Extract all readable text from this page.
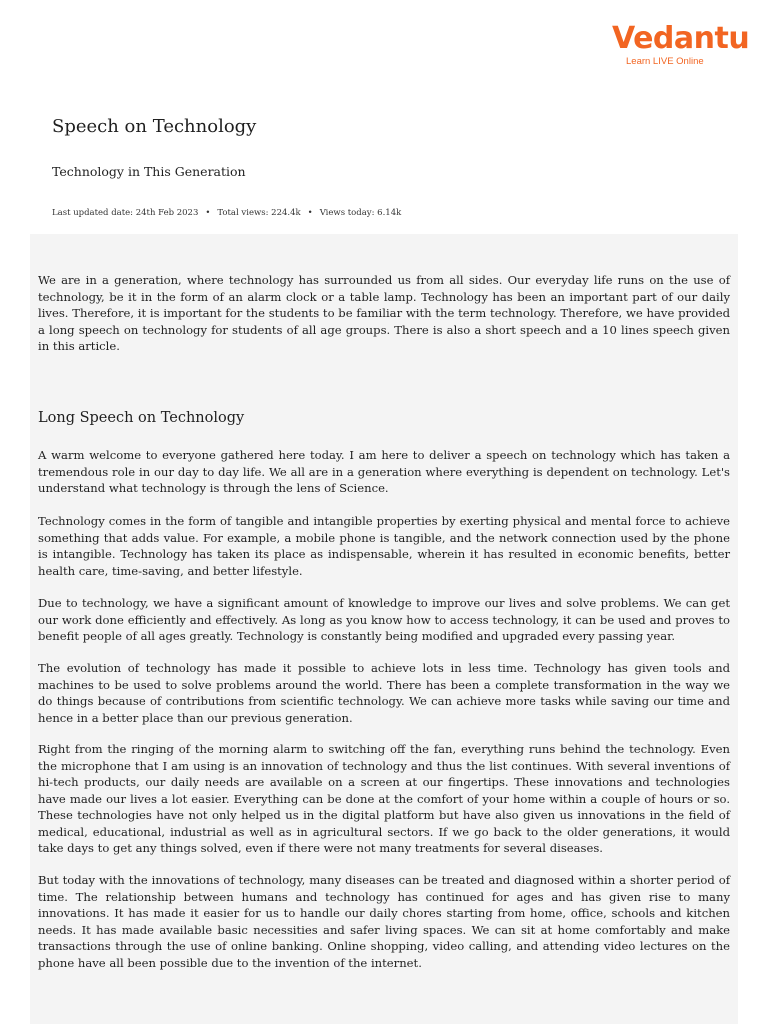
Vedantu
Learn LIVE Online
Speech on Technology
Technology in This Generation
Last updated date: 24th Feb 2023 • Total views: 224.4k • Views today: 6.14k

We are in a generation, where technology has surrounded us from all sides. Our everyday life runs on the use of technology, be it in the form of an alarm clock or a table lamp. Technology has been an important part of our daily lives. Therefore, it is important for the students to be familiar with the term technology. Therefore, we have provided a long speech on technology for students of all age groups. There is also a short speech and a 10 lines speech given in this article.

Long Speech on Technology

A warm welcome to everyone gathered here today. I am here to deliver a speech on technology which has taken a tremendous role in our day to day life. We all are in a generation where everything is dependent on technology. Let's understand what technology is through the lens of Science.

Technology comes in the form of tangible and intangible properties by exerting physical and mental force to achieve something that adds value. For example, a mobile phone is tangible, and the network connection used by the phone is intangible. Technology has taken its place as indispensable, wherein it has resulted in economic benefits, better health care, time-saving, and better lifestyle.

Due to technology, we have a significant amount of knowledge to improve our lives and solve problems. We can get our work done efficiently and effectively. As long as you know how to access technology, it can be used and proves to benefit people of all ages greatly. Technology is constantly being modified and upgraded every passing year.

The evolution of technology has made it possible to achieve lots in less time. Technology has given tools and machines to be used to solve problems around the world. There has been a complete transformation in the way we do things because of contributions from scientific technology. We can achieve more tasks while saving our time and hence in a better place than our previous generation.

Right from the ringing of the morning alarm to switching off the fan, everything runs behind the technology. Even the microphone that I am using is an innovation of technology and thus the list continues. With several inventions of hi-tech products, our daily needs are available on a screen at our fingertips. These innovations and technologies have made our lives a lot easier. Everything can be done at the comfort of your home within a couple of hours or so. These technologies have not only helped us in the digital platform but have also given us innovations in the field of medical, educational, industrial as well as in agricultural sectors. If we go back to the older generations, it would take days to get any things solved, even if there were not many treatments for several diseases.

But today with the innovations of technology, many diseases can be treated and diagnosed within a shorter period of time. The relationship between humans and technology has continued for ages and has given rise to many innovations. It has made it easier for us to handle our daily chores starting from home, office, schools and kitchen needs. It has made available basic necessities and safer living spaces. We can sit at home comfortably and make transactions through the use of online banking. Online shopping, video calling, and attending video lectures on the phone have all been possible due to the invention of the internet.
